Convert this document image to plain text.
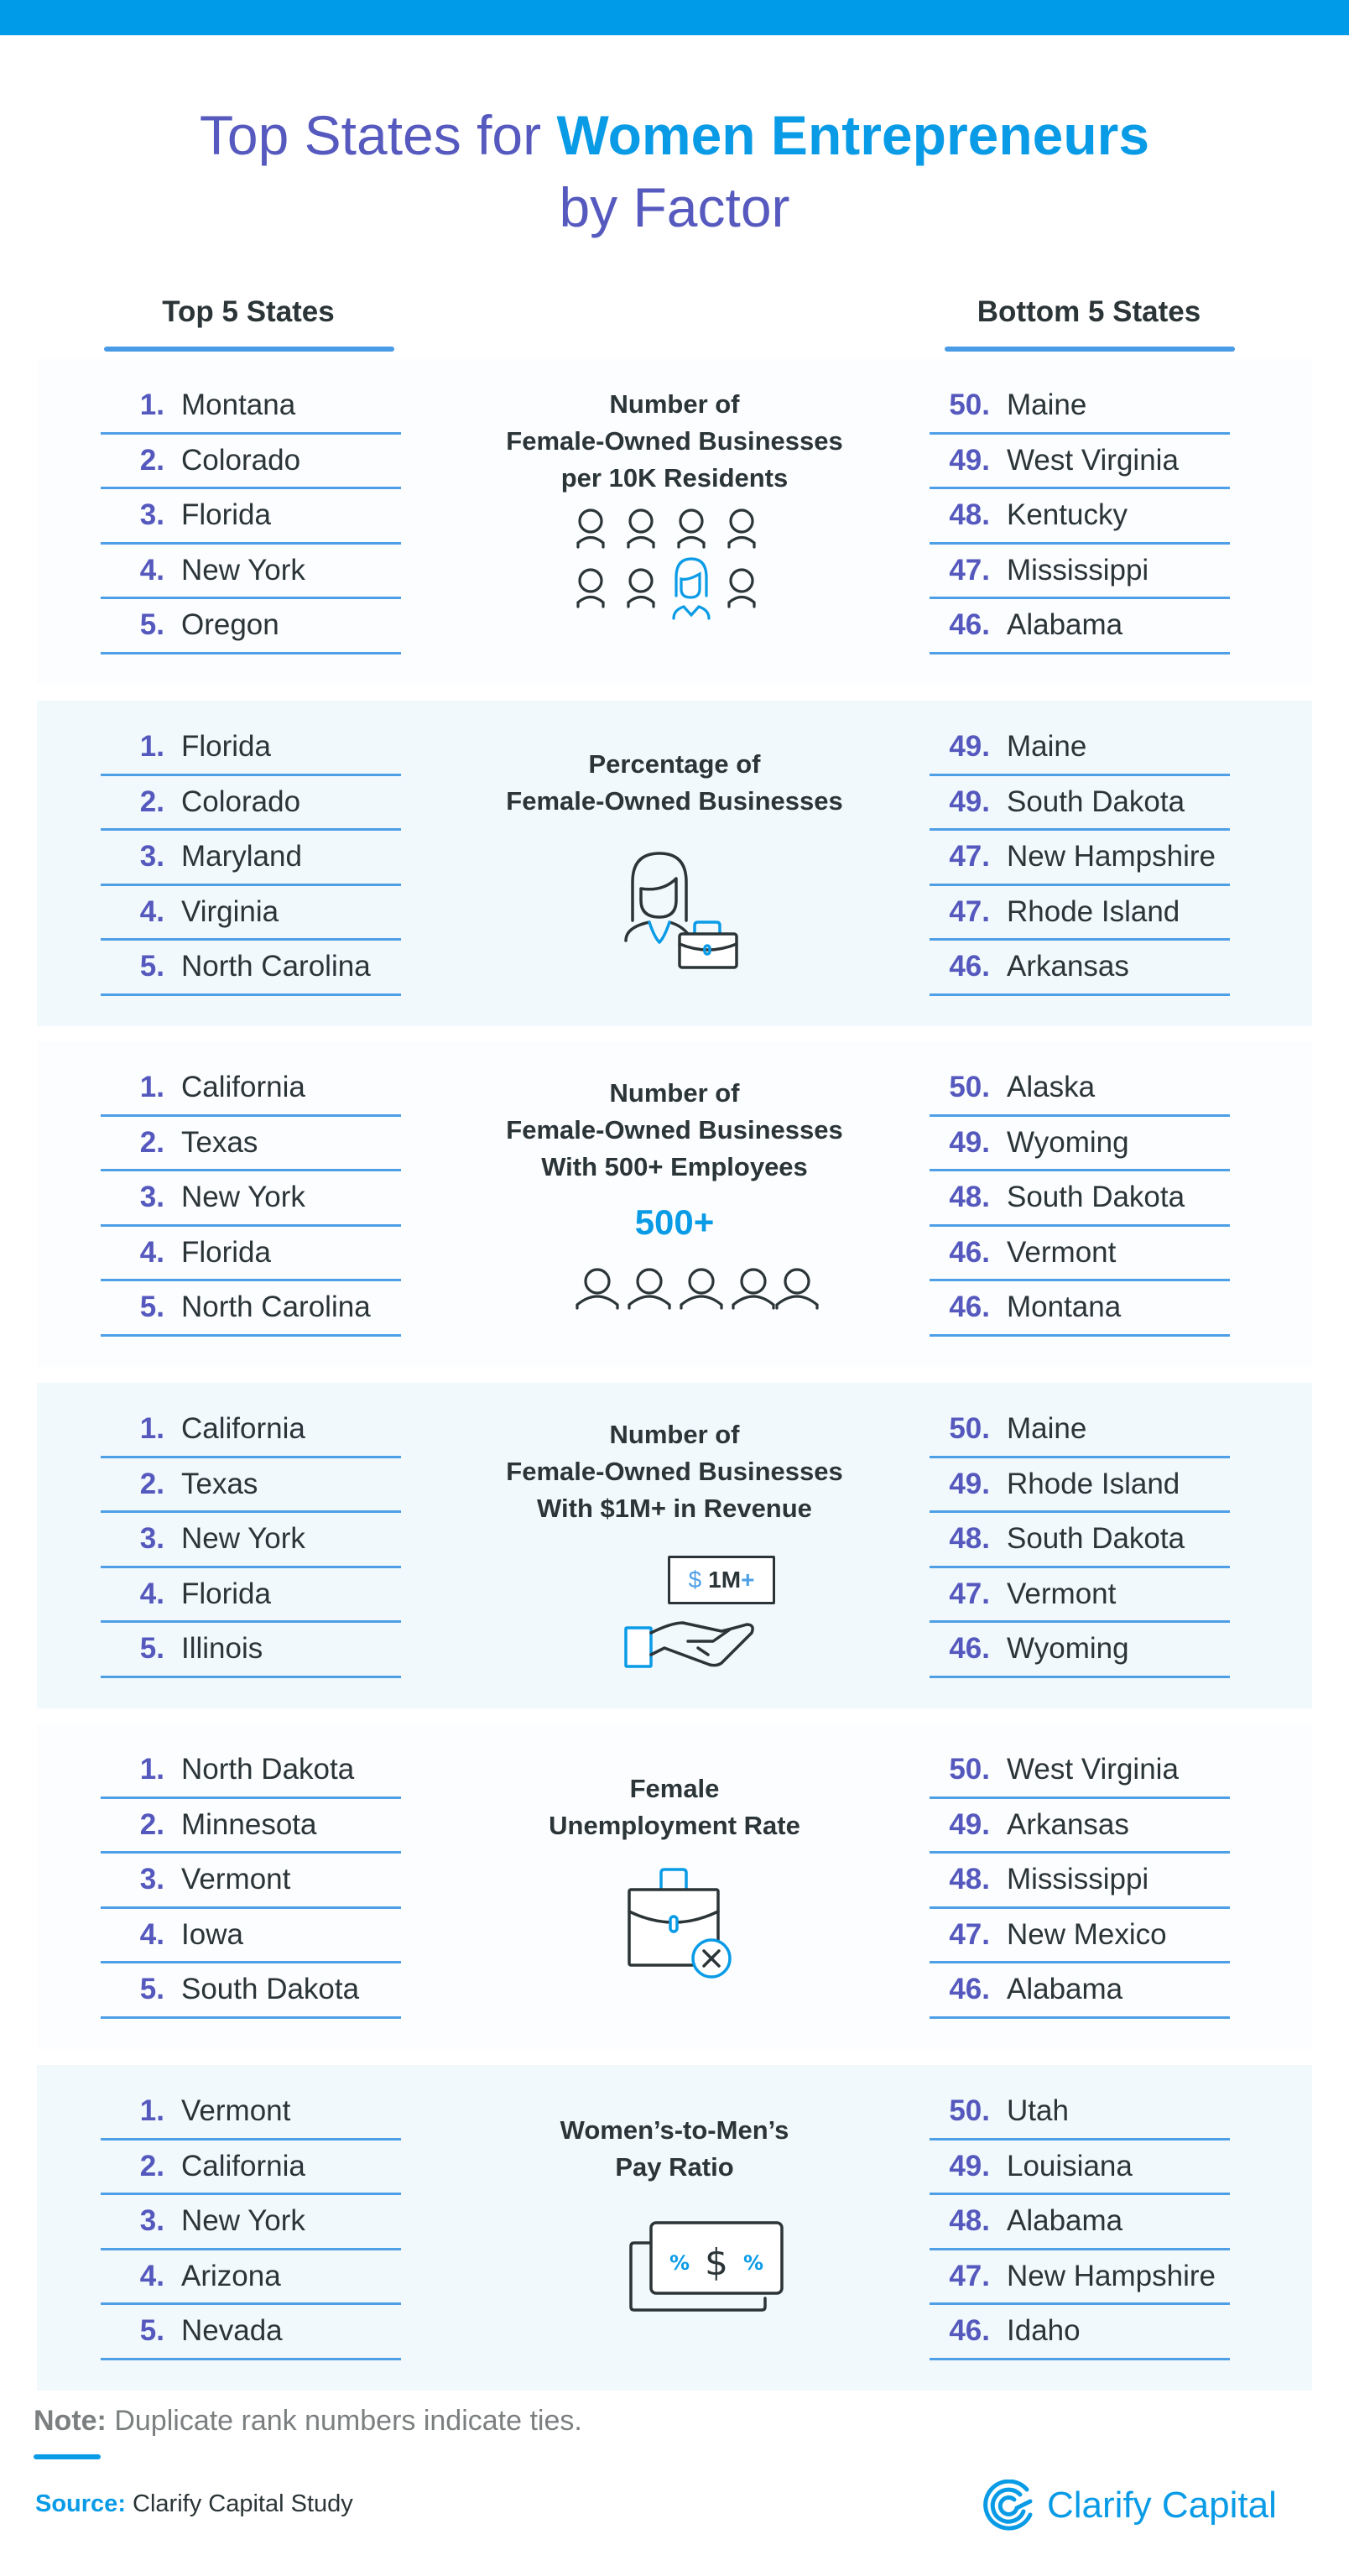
Top States for Women Entrepreneurs
by Factor
Top 5 States	Bottom 5 States
1. Montana
2. Colorado
3. Florida
4. New York
5. Oregon
Number of
Female-Owned Businesses
per 10K Residents
50. Maine
49. West Virginia
48. Kentucky
47. Mississippi
46. Alabama
1. Florida
2. Colorado
3. Maryland
4. Virginia
5. North Carolina
Percentage of
Female-Owned Businesses
49. Maine
49. South Dakota
47. New Hampshire
47. Rhode Island
46. Arkansas
1. California
2. Texas
3. New York
4. Florida
5. North Carolina
Number of
Female-Owned Businesses
With 500+ Employees
500+
50. Alaska
49. Wyoming
48. South Dakota
46. Vermont
46. Montana
1. California
2. Texas
3. New York
4. Florida
5. Illinois
Number of
Female-Owned Businesses
With $1M+ in Revenue
$ 1M +
50. Maine
49. Rhode Island
48. South Dakota
47. Vermont
46. Wyoming
1. North Dakota
2. Minnesota
3. Vermont
4. Iowa
5. South Dakota
Female
Unemployment Rate
50. West Virginia
49. Arkansas
48. Mississippi
47. New Mexico
46. Alabama
1. Vermont
2. California
3. New York
4. Arizona
5. Nevada
Women’s-to-Men’s
Pay Ratio
% $ %
50. Utah
49. Louisiana
48. Alabama
47. New Hampshire
46. Idaho
Note: Duplicate rank numbers indicate ties.
Source: Clarify Capital Study	Clarify Capital
